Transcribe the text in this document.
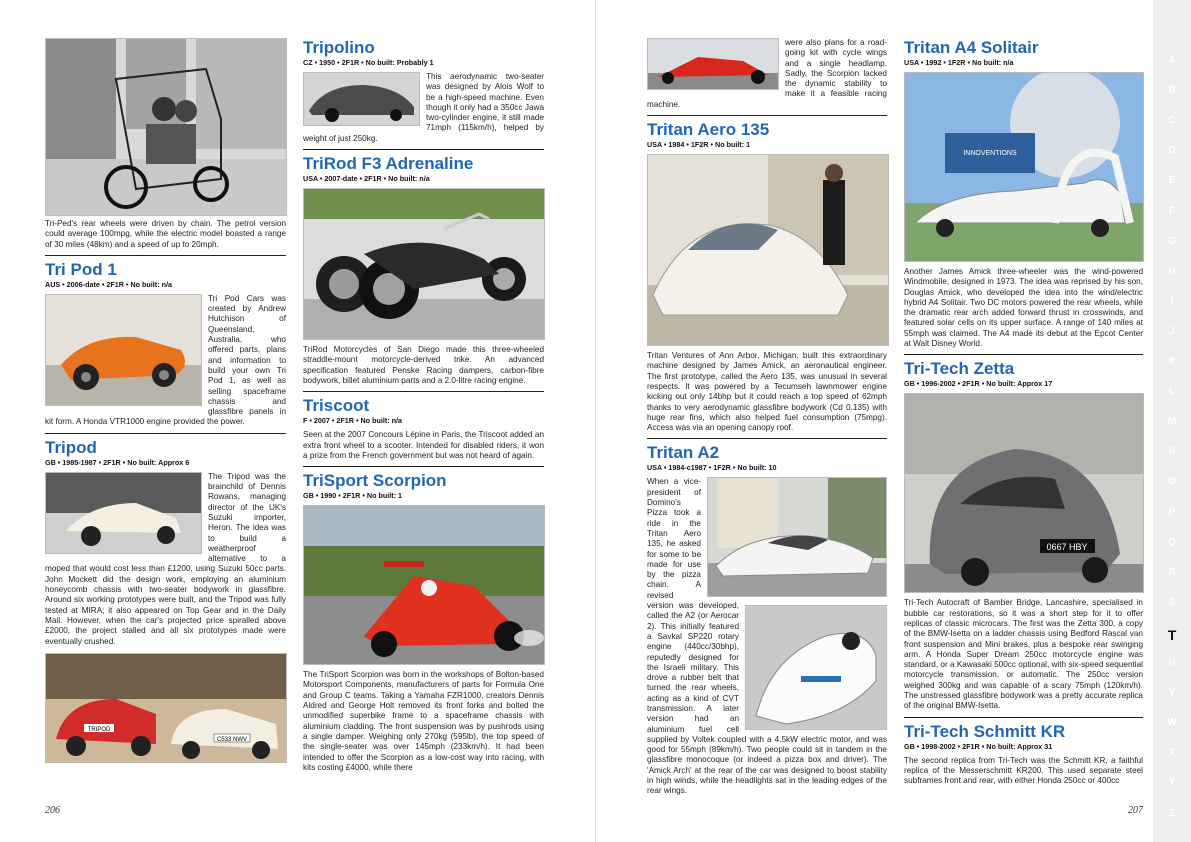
Tri-Ped's rear wheels were driven by chain. The petrol version could average 100mpg, while the electric model boasted a range of 30 miles (48km) and a speed of up to 20mph.

Tri Pod 1

AUS • 2006-date • 2F1R • No built: n/a

Tri Pod Cars was created by Andrew Hutchison of Queensland, Australia, who offered parts, plans and information to build your own Tri Pod 1, as well as selling spaceframe chassis and glassfibre panels in kit form. A Honda VTR1000 engine provided the power.

Tripod

GB • 1985-1987 • 2F1R • No built: Approx 6

The Tripod was the brainchild of Dennis Rowans, managing director of the UK's Suzuki importer, Heron. The idea was to build a weatherproof alternative to a moped that would cost less than £1200, using Suzuki 50cc parts. John Mockett did the design work, employing an aluminium honeycomb chassis with two-seater bodywork in glassfibre. Around six working prototypes were built, and the Tripod was fully tested at MIRA; it also appeared on Top Gear and in the Daily Mail. However, when the car's projected price spiralled above £2000, the project stalled and all six prototypes made were eventually crushed.

TRIPOD
C533 NWV
Tripolino

CZ • 1950 • 2F1R • No built: Probably 1

This aerodynamic two-seater was designed by Alois Wolf to be a high-speed machine. Even though it only had a 350cc Jawa two-cylinder engine, it still made 71mph (115km/h), helped by weight of just 250kg.

TriRod F3 Adrenaline

USA • 2007-date • 2F1R • No built: n/a

TriRod Motorcycles of San Diego made this three-wheeled straddle-mount motorcycle-derived trike. An advanced specification featured Penske Racing dampers, carbon-fibre bodywork, billet aluminium parts and a 2.0-litre racing engine.

Triscoot

F • 2007 • 2F1R • No built: n/a

Seen at the 2007 Concours Lépine in Paris, the Triscoot added an extra front wheel to a scooter. Intended for disabled riders, it won a prize from the French government but was not heard of again.

TriSport Scorpion

GB • 1990 • 2F1R • No built: 1

The TriSport Scorpion was born in the workshops of Bolton-based Motorsport Components, manufacturers of parts for Formula One and Group C teams. Taking a Yamaha FZR1000, creators Dennis Aldred and George Holt removed its front forks and bolted the unmodified superbike frame to a spaceframe chassis with aluminium cladding. The front suspension was by pushrods using a single damper. Weighing only 270kg (595lb), the top speed of the single-seater was over 145mph (233km/h). It had been intended to offer the Scorpion as a low-cost way into racing, with kits costing £4000, while there

206

were also plans for a road-going kit with cycle wings and a single headlamp. Sadly, the Scorpion lacked the dynamic stability to make it a feasible racing machine.

Tritan Aero 135

USA • 1984 • 1F2R • No built: 1

Tritan Ventures of Ann Arbor, Michigan, built this extraordinary machine designed by James Amick, an aeronautical engineer. The first prototype, called the Aero 135, was unusual in several respects. It was powered by a Tecumseh lawnmower engine kicking out only 14bhp but it could reach a top speed of 62mph thanks to very aerodynamic glassfibre bodywork (Cd 0.135) with huge rear fins, which also helped fuel consumption (75mpg). Access was via an opening canopy roof.

Tritan A2

USA • 1984-c1987 • 1F2R • No built: 10

When a vice-president of Domino's Pizza took a ride in the Tritan Aero 135, he asked for some to be made for use by the pizza chain. A revised

version was developed, called the A2 (or Aerocar 2). This initially featured a Savkal SP220 rotary engine (440cc/30bhp), reputedly designed for the Israeli military. This drove a rubber belt that turned the rear wheels, acting as a kind of CVT transmission. A later version had an aluminium fuel cell supplied by Voltek coupled with a 4.5kW electric motor, and was good for 55mph (89km/h). Two people could sit in tandem in the glassfibre monocoque (or indeed a pizza box and driver). The 'Amick Arch' at the rear of the car was designed to boost stability in high winds, while the headlights sat in the leading edges of the rear wings.

Tritan A4 Solitair

USA • 1992 • 1F2R • No built: n/a

INNOVENTIONS

Another James Amick three-wheeler was the wind-powered Windmobile, designed in 1973. The idea was reprised by his son, Douglas Amick, who developed the idea into the wind/electric hybrid A4 Solitair. Two DC motors powered the rear wheels, while the dramatic rear arch added forward thrust in crosswinds, and featured solar cells on its upper surface. A range of 140 miles at 55mph was claimed. The A4 made its debut at the Epcot Center at Walt Disney World.

Tri-Tech Zetta

GB • 1996-2002 • 2F1R • No built: Approx 17

0667 HBY

Tri-Tech Autocraft of Bamber Bridge, Lancashire, specialised in bubble car restorations, so it was a short step for it to offer replicas of classic microcars. The first was the Zetta 300, a copy of the BMW-Isetta on a ladder chassis using Bedford Rascal van front suspension and Mini brakes, plus a bespoke rear swinging arm. A Honda Super Dream 250cc motorcycle engine was standard, or a Kawasaki 500cc optional, with six-speed sequential motorcycle transmission, or automatic. The 250cc version weighed 300kg and was capable of a scary 75mph (120km/h). The unstressed glassfibre bodywork was a pretty accurate replica of the original BMW-Isetta.

Tri-Tech Schmitt KR

GB • 1998-2002 • 2F1R • No built: Approx 31

The second replica from Tri-Tech was the Schmitt KR, a faithful replica of the Messerschmitt KR200. This used separate steel subframes front and rear, with either Honda 250cc or 400cc

207
A
B
C
D
E
F
G
H
I
J
K
L
M
N
O
P
Q
R
S
T
U
V
W
X
Y
Z
